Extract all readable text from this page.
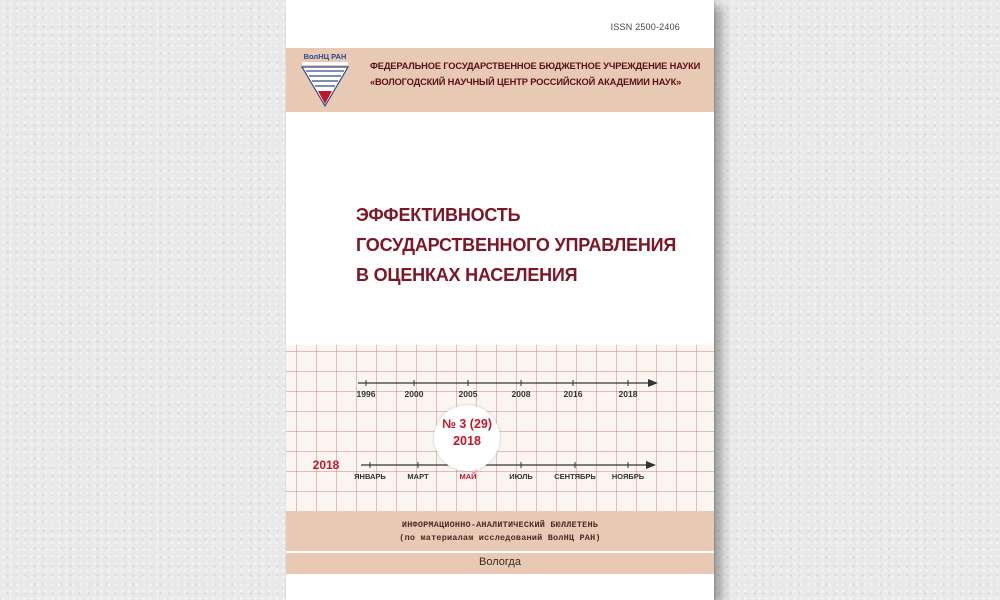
ISSN 2500-2406
ВолНЦ РАН
ФЕДЕРАЛЬНОЕ ГОСУДАРСТВЕННОЕ БЮДЖЕТНОЕ УЧРЕЖДЕНИЕ НАУКИ
«ВОЛОГОДСКИЙ НАУЧНЫЙ ЦЕНТР РОССИЙСКОЙ АКАДЕМИИ НАУК»
ЭФФЕКТИВНОСТЬ
ГОСУДАРСТВЕННОГО УПРАВЛЕНИЯ
В ОЦЕНКАХ НАСЕЛЕНИЯ
1996	2000	2005	2008	2016	2018
2018
ЯНВАРЬ	МАРТ	МАЙ	ИЮЛЬ	СЕНТЯБРЬ НОЯБРЬ
№ 3 (29)
2018
ИНФОРМАЦИОННО-АНАЛИТИЧЕСКИЙ БЮЛЛЕТЕНЬ
(по материалам исследований ВолНЦ РАН)
Вологда
